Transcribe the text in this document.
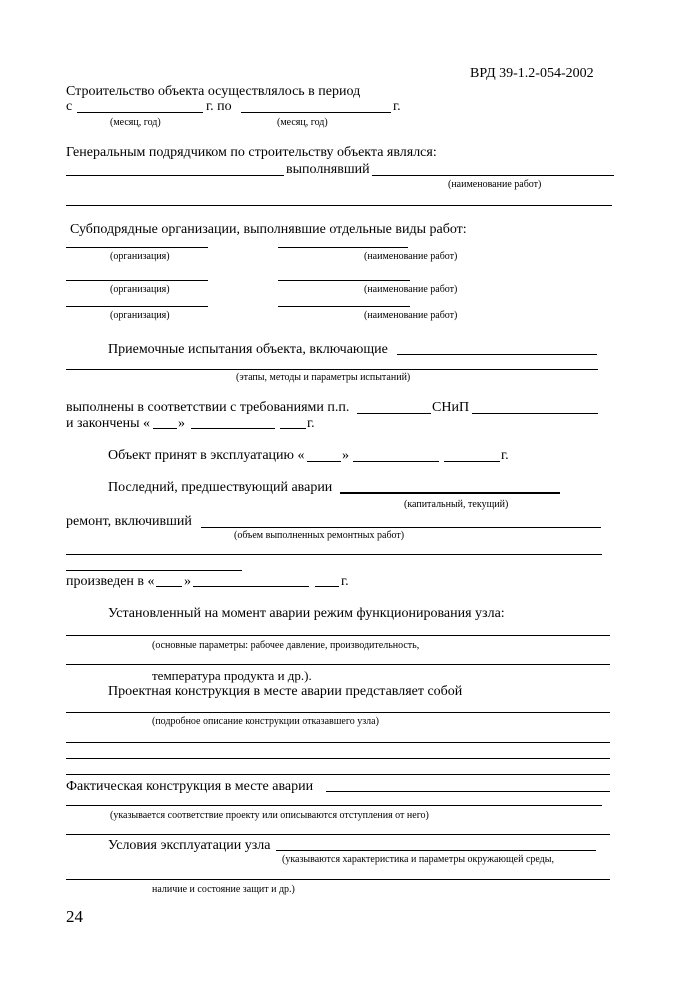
ВРД 39-1.2-054-2002
Строительство объекта осуществлялось в период
с	г. по	г.
(месяц, год)	(месяц, год)
Генеральным подрядчиком по строительству объекта являлся:
выполнявший
(наименование работ)
Субподрядные организации, выполнявшие отдельные виды работ:
(организация)	(наименование работ)
(организация)	(наименование работ)
(организация)	(наименование работ)
Приемочные испытания объекта, включающие
(этапы, методы и параметры испытаний)
выполнены в соответствии с требованиями п.п.	СНиП
и закончены « »	г.
Объект принят в эксплуатацию «	»	г.
Последний, предшествующий аварии
(капитальный, текущий)
ремонт, включивший
(объем выполненных ремонтных работ)
произведен в « »	г.
Установленный на момент аварии режим функционирования узла:
(основные параметры: рабочее давление, производительность,
температура продукта и др.).
Проектная конструкция в месте аварии представляет собой
(подробное описание конструкции отказавшего узла)
Фактическая конструкция в месте аварии
(указывается соответствие проекту или описываются отступления от него)
Условия эксплуатации узла
(указываются характеристика и параметры окружающей среды,
наличие и состояние защит и др.)
24
